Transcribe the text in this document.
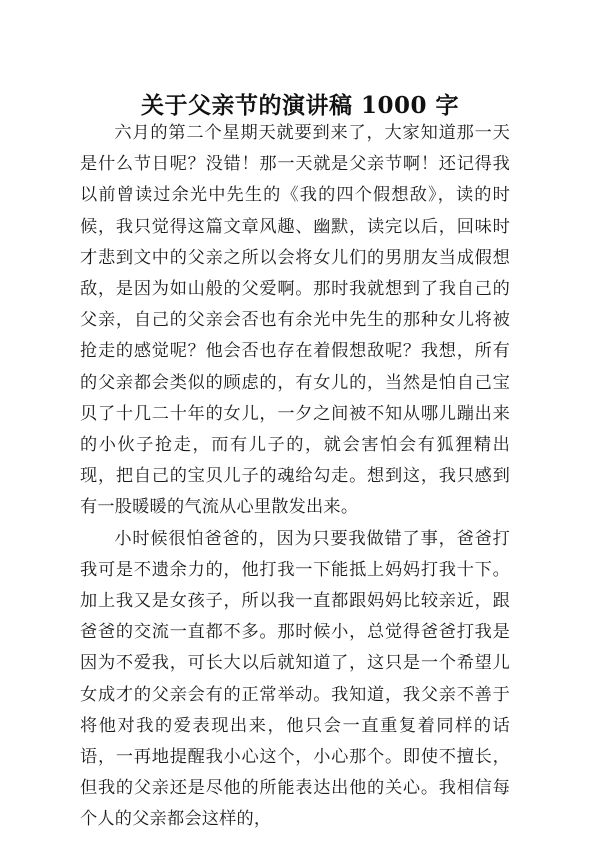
关于父亲节的演讲稿 1000 字

六月的第二个星期天就要到来了，大家知道那一天是什么节日呢？没错！那一天就是父亲节啊！还记得我以前曾读过余光中先生的《我的四个假想敌》，读的时候，我只觉得这篇文章风趣、幽默，读完以后，回味时才悲到文中的父亲之所以会将女儿们的男朋友当成假想敌，是因为如山般的父爱啊。那时我就想到了我自己的父亲，自己的父亲会否也有余光中先生的那种女儿将被抢走的感觉呢？他会否也存在着假想敌呢？我想，所有的父亲都会类似的顾虑的，有女儿的，当然是怕自己宝贝了十几二十年的女儿，一夕之间被不知从哪儿蹦出来的小伙子抢走，而有儿子的，就会害怕会有狐狸精出现，把自己的宝贝儿子的魂给勾走。想到这，我只感到有一股暖暖的气流从心里散发出来。

小时候很怕爸爸的，因为只要我做错了事，爸爸打我可是不遗余力的，他打我一下能抵上妈妈打我十下。加上我又是女孩子，所以我一直都跟妈妈比较亲近，跟爸爸的交流一直都不多。那时候小，总觉得爸爸打我是因为不爱我，可长大以后就知道了，这只是一个希望儿女成才的父亲会有的正常举动。我知道，我父亲不善于将他对我的爱表现出来，他只会一直重复着同样的话语，一再地提醒我小心这个，小心那个。即使不擅长，但我的父亲还是尽他的所能表达出他的关心。我相信每个人的父亲都会这样的，
